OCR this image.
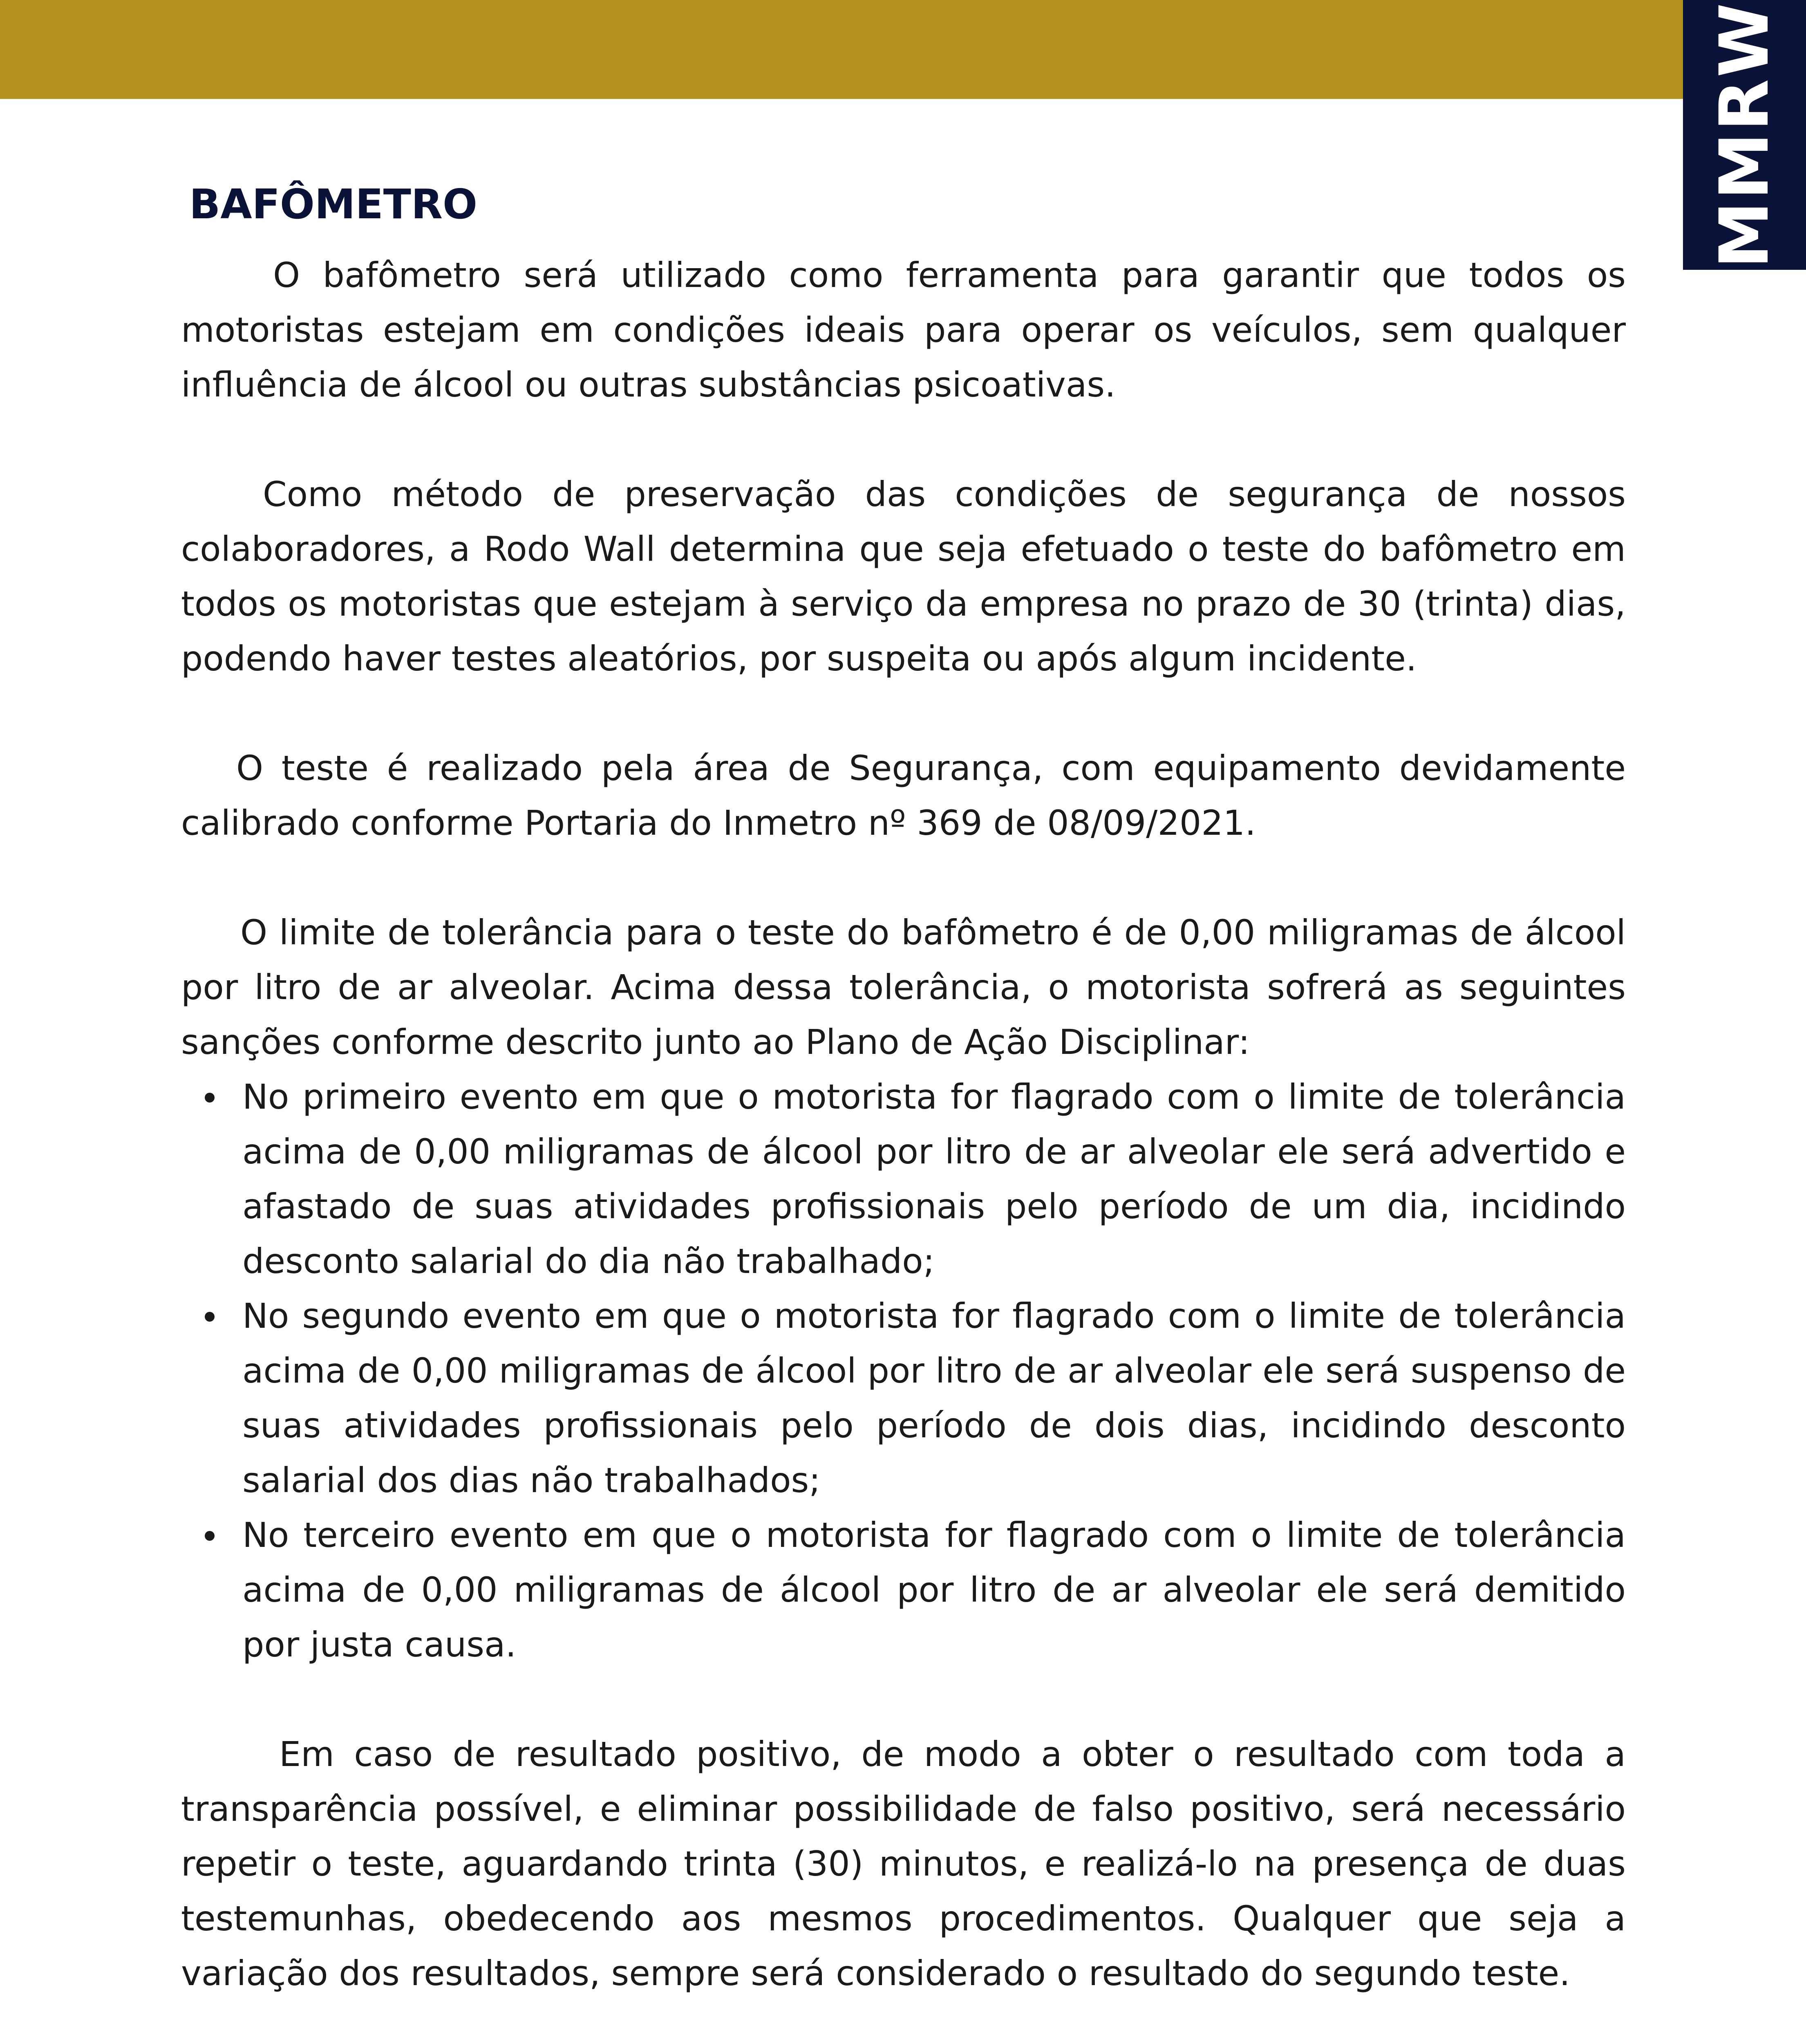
MMRW
BAFÔMETRO

O bafômetro será utilizado como ferramenta para garantir que todos os motoristas estejam em condições ideais para operar os veículos, sem qualquer influência de álcool ou outras substâncias psicoativas.

Como método de preservação das condições de segurança de nossos colaboradores, a Rodo Wall determina que seja efetuado o teste do bafômetro em todos os motoristas que estejam à serviço da empresa no prazo de 30 (trinta) dias, podendo haver testes aleatórios, por suspeita ou após algum incidente.

O teste é realizado pela área de Segurança, com equipamento devidamente calibrado conforme Portaria do Inmetro nº 369 de 08/09/2021.

O limite de tolerância para o teste do bafômetro é de 0,00 miligramas de álcool por litro de ar alveolar. Acima dessa tolerância, o motorista sofrerá as seguintes sanções conforme descrito junto ao Plano de Ação Disciplinar:

No primeiro evento em que o motorista for flagrado com o limite de tolerância acima de 0,00 miligramas de álcool por litro de ar alveolar ele será advertido e afastado de suas atividades profissionais pelo período de um dia, incidindo desconto salarial do dia não trabalhado;
No segundo evento em que o motorista for flagrado com o limite de tolerância acima de 0,00 miligramas de álcool por litro de ar alveolar ele será suspenso de suas atividades profissionais pelo período de dois dias, incidindo desconto salarial dos dias não trabalhados;
No terceiro evento em que o motorista for flagrado com o limite de tolerância acima de 0,00 miligramas de álcool por litro de ar alveolar ele será demitido por justa causa.

Em caso de resultado positivo, de modo a obter o resultado com toda a transparência possível, e eliminar possibilidade de falso positivo, será necessário repetir o teste, aguardando trinta (30) minutos, e realizá-lo na presença de duas testemunhas, obedecendo aos mesmos procedimentos. Qualquer que seja a variação dos resultados, sempre será considerado o resultado do segundo teste.
